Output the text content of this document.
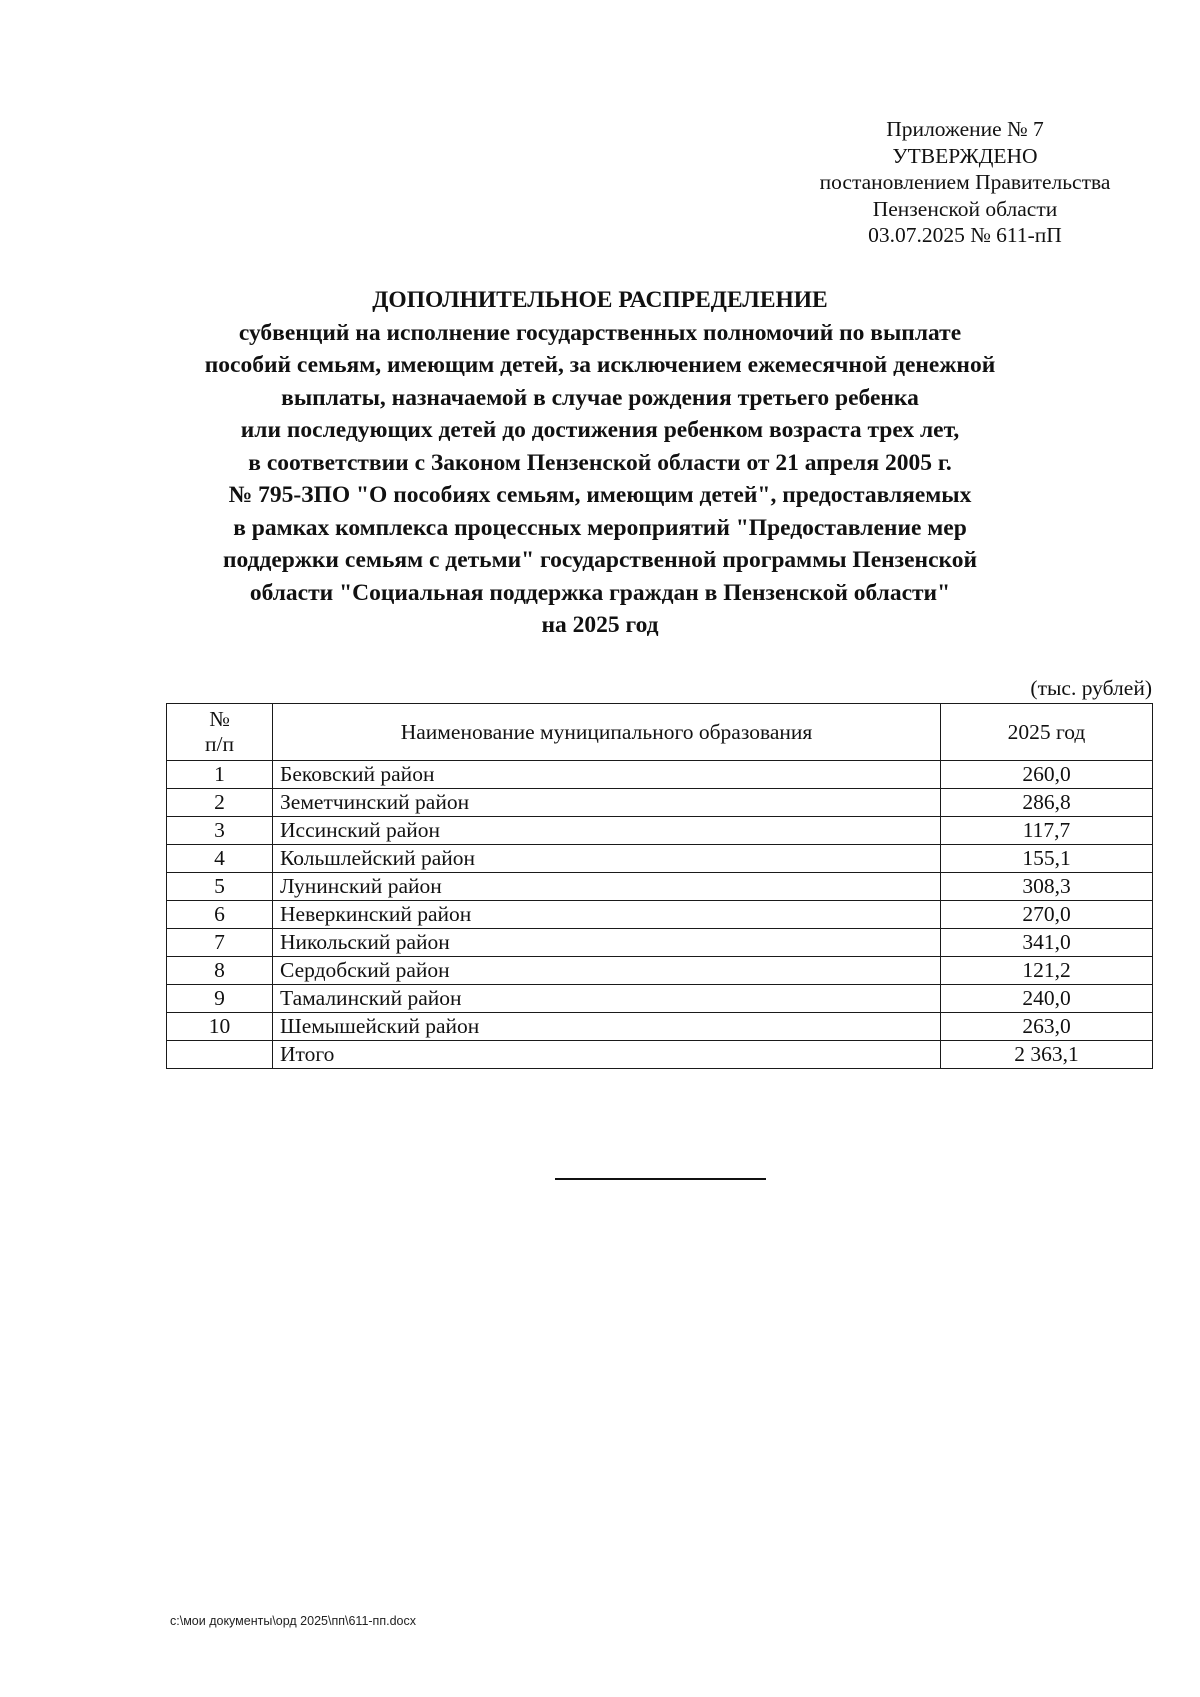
Приложение № 7
УТВЕРЖДЕНО
постановлением Правительства
Пензенской области
03.07.2025 № 611-пП
ДОПОЛНИТЕЛЬНОЕ РАСПРЕДЕЛЕНИЕ
субвенций на исполнение государственных полномочий по выплате
пособий семьям, имеющим детей, за исключением ежемесячной денежной
выплаты, назначаемой в случае рождения третьего ребенка
или последующих детей до достижения ребенком возраста трех лет,
в соответствии с Законом Пензенской области от 21 апреля 2005 г.
№ 795-ЗПО "О пособиях семьям, имеющим детей", предоставляемых
в рамках комплекса процессных мероприятий "Предоставление мер
поддержки семьям с детьми" государственной программы Пензенской
области "Социальная поддержка граждан в Пензенской области"
на 2025 год
(тыс. рублей)
№
п/п	Наименование муниципального образования	2025 год
1	Бековский район	260,0
2	Земетчинский район	286,8
3	Иссинский район	117,7
4	Кольшлейский район	155,1
5	Лунинский район	308,3
6	Неверкинский район	270,0
7	Никольский район	341,0
8	Сердобский район	121,2
9	Тамалинский район	240,0
10	Шемышейский район	263,0
	Итого	2 363,1
c:\мои документы\орд 2025\пп\611-пп.docx
